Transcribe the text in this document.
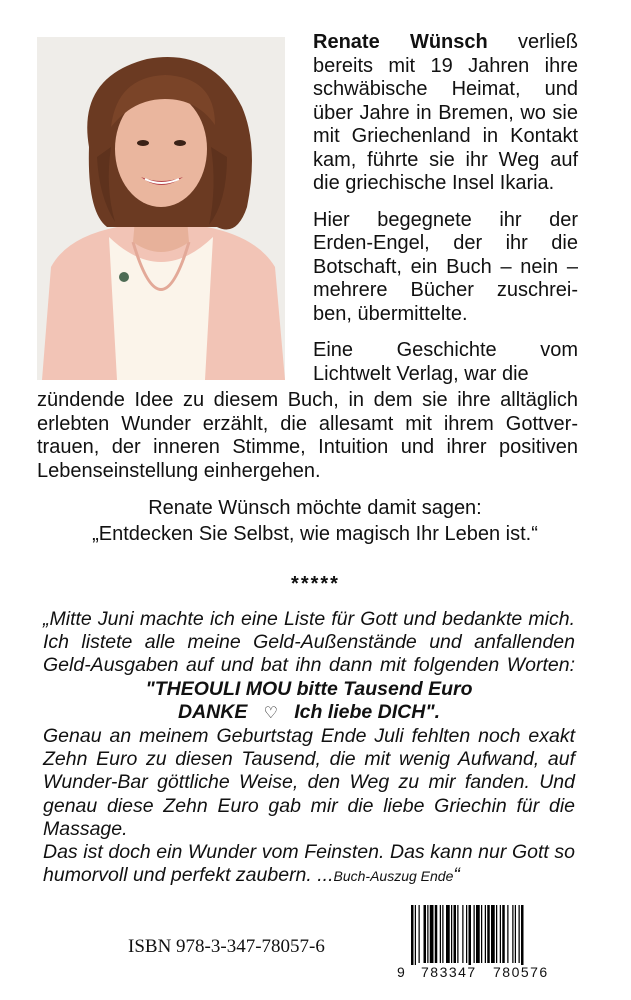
Renate Wünsch verließ
bereits mit 19 Jahren ihre
schwäbische Heimat, und
über Jahre in Bremen, wo sie
mit Griechenland in Kontakt
kam, führte sie ihr Weg auf

die griechische Insel Ikaria.

Hier begegnete ihr der
Erden-Engel, der ihr die
Botschaft, ein Buch – nein –
mehrere Bücher zuschrei-

ben, übermittelte.

Eine Geschichte vom

Lichtwelt Verlag, war die

zündende Idee zu diesem Buch, in dem sie ihre alltäglich
erlebten Wunder erzählt, die allesamt mit ihrem Gottver-
trauen, der inneren Stimme, Intuition und ihrer positiven
Lebenseinstellung einhergehen.
Renate Wünsch möchte damit sagen:
„Entdecken Sie Selbst, wie magisch Ihr Leben ist.“
*****
„Mitte Juni machte ich eine Liste für Gott und bedankte mich.
Ich listete alle meine Geld-Außenstände und anfallenden
Geld-Ausgaben auf und bat ihn dann mit folgenden Worten:
"THEOULI MOU bitte Tausend Euro
DANKE ♡ Ich liebe DICH".
Genau an meinem Geburtstag Ende Juli fehlten noch exakt
Zehn Euro zu diesen Tausend, die mit wenig Aufwand, auf
Wunder-Bar göttliche Weise, den Weg zu mir fanden. Und
genau diese Zehn Euro gab mir die liebe Griechin für die
Massage.
Das ist doch ein Wunder vom Feinsten. Das kann nur Gott so
humorvoll und perfekt zaubern. ...Buch-Auszug Ende“
ISBN 978-3-347-78057-6
9 783347 780576
